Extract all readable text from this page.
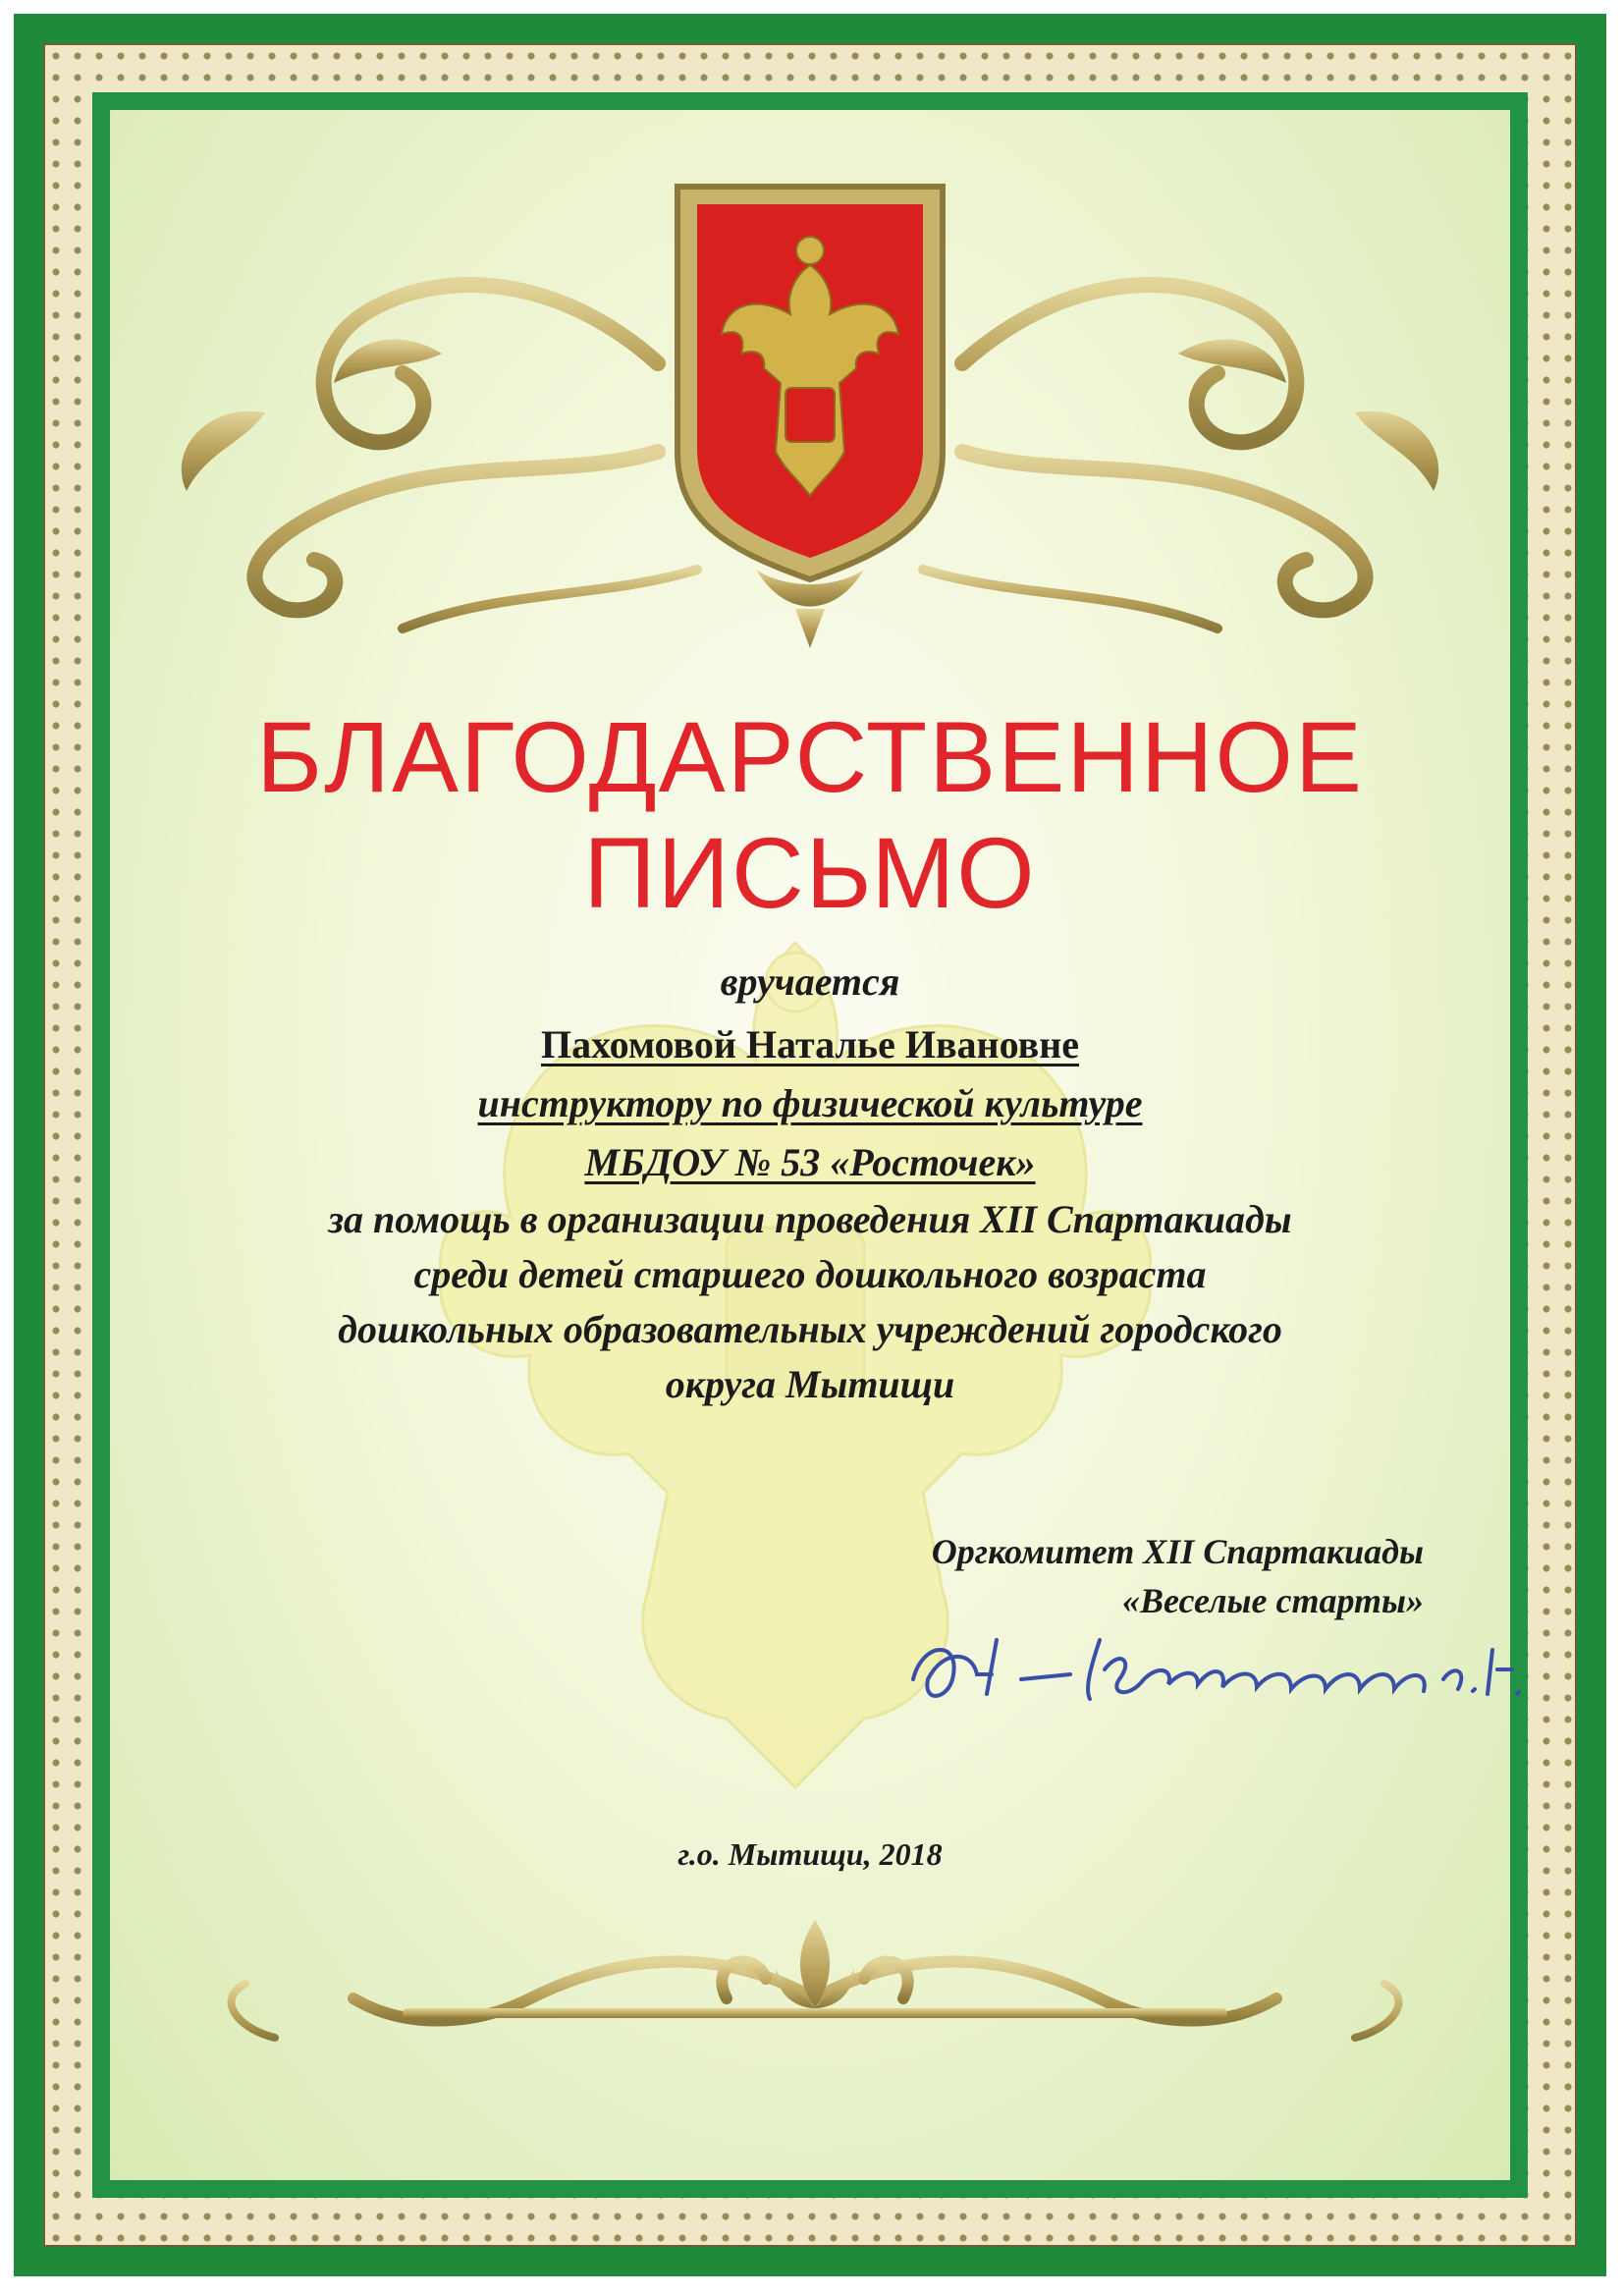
БЛАГОДАРСТВЕННОЕ
ПИСЬМО
вручается
Пахомовой Наталье Ивановне
инструктору по физической культуре
МБДОУ № 53 «Росточек»
за помощь в организации проведения XII Спартакиады
среди детей старшего дошкольного возраста
дошкольных образовательных учреждений городского
округа Мытищи
Оргкомитет XII Спартакиады
«Веселые старты»
г.о. Мытищи, 2018
